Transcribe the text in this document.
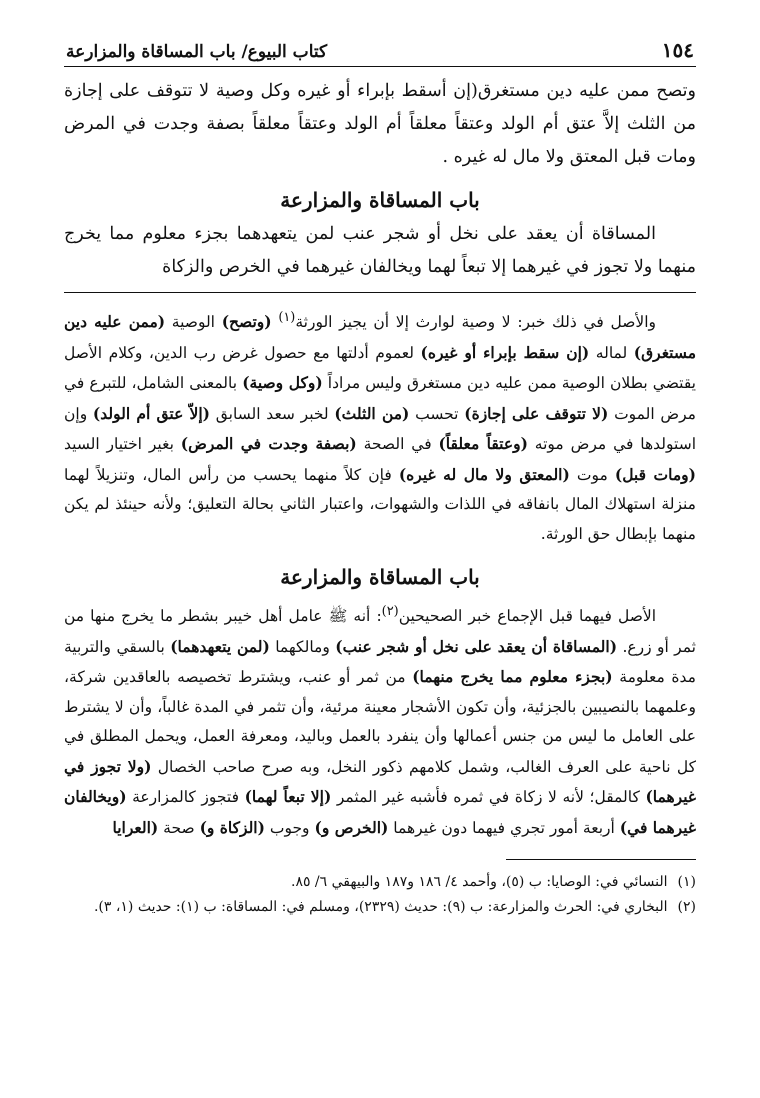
١٥٤
كتاب البيوع/ باب المساقاة والمزارعة

وتصح ممن عليه دين مستغرق(إن أسقط بإبراء أو غيره وكل وصية لا تتوقف على إجازة من الثلث إلاَّ عتق أم الولد وعتقاً معلقاً أم الولد وعتقاً معلقاً بصفة وجدت في المرض ومات قبل المعتق ولا مال له غيره .

باب المساقاة والمزارعة

المساقاة أن يعقد على نخل أو شجر عنب لمن يتعهدهما بجزء معلوم مما يخرج منهما ولا تجوز في غيرهما إلا تبعاً لهما ويخالفان غيرهما في الخرص والزكاة

والأصل في ذلك خبر: لا وصية لوارث إلا أن يجيز الورثة$^{(١)}$ (وتصح) الوصية (ممن عليه دين مستغرق) لماله (إن سقط بإبراء أو غيره) لعموم أدلتها مع حصول غرض رب الدين، وكلام الأصل يقتضي بطلان الوصية ممن عليه دين مستغرق وليس مراداً (وكل وصية) بالمعنى الشامل، للتبرع في مرض الموت (لا تتوقف على إجازة) تحسب (من الثلث) لخبر سعد السابق (إلاّ عتق أم الولد) وإن استولدها في مرض موته (وعتقاً معلقاً) في الصحة (بصفة وجدت في المرض) بغير اختيار السيد (ومات قبل) موت (المعتق ولا مال له غيره) فإن كلاً منهما يحسب من رأس المال، وتنزيلاً لهما منزلة استهلاك المال بانفاقه في اللذات والشهوات، واعتبار الثاني بحالة التعليق؛ ولأنه حينئذ لم يكن منهما بإبطال حق الورثة.

باب المساقاة والمزارعة

الأصل فيهما قبل الإجماع خبر الصحيحين$^{(٢)}$: أنه ﷺ عامل أهل خيبر بشطر ما يخرج منها من ثمر أو زرع. (المساقاة أن يعقد على نخل أو شجر عنب) ومالكهما (لمن يتعهدهما) بالسقي والتربية مدة معلومة (بجزء معلوم مما يخرج منهما) من ثمر أو عنب، ويشترط تخصيصه بالعاقدين شركة، وعلمهما بالنصيبين بالجزئية، وأن تكون الأشجار معينة مرئية، وأن تثمر في المدة غالباً، وأن لا يشترط على العامل ما ليس من جنس أعمالها وأن ينفرد بالعمل وباليد، ومعرفة العمل، ويحمل المطلق في كل ناحية على العرف الغالب، وشمل كلامهم ذكور النخل، وبه صرح صاحب الخصال (ولا تجوز في غيرهما) كالمقل؛ لأنه لا زكاة في ثمره فأشبه غير المثمر (إلا تبعاً لهما) فتجوز كالمزارعة (ويخالفان غيرهما في) أربعة أمور تجري فيهما دون غيرهما (الخرص و) وجوب (الزكاة و) صحة (العرايا

(١)
النسائي في: الوصايا: ب (٥)، وأحمد ٤/ ١٨٦ و١٨٧ والبيهقي ٦/ ٨٥.
(٢)
البخاري في: الحرث والمزارعة: ب (٩): حديث (٢٣٢٩)، ومسلم في: المساقاة: ب (١): حديث (١، ٣).
